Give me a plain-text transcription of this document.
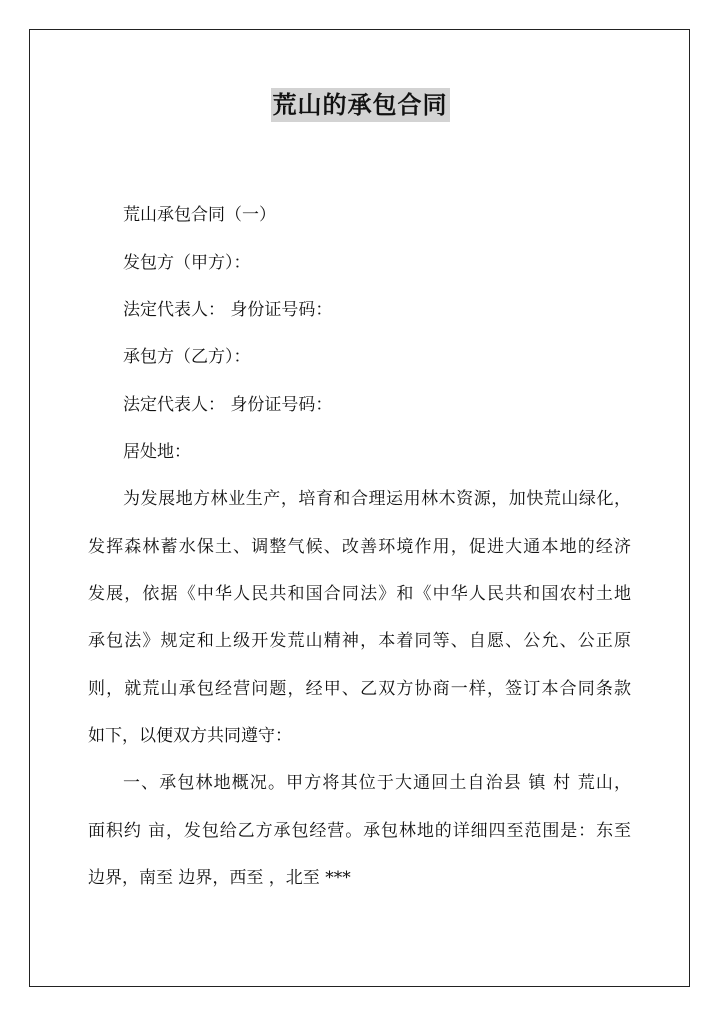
荒山的承包合同
荒山承包合同（一）
发包方（甲方）：
法定代表人： 身份证号码：
承包方（乙方）：
法定代表人： 身份证号码：
居处地：
为发展地方林业生产，培育和合理运用林木资源，加快荒山绿化，
发挥森林蓄水保土、调整气候、改善环境作用，促进大通本地的经济
发展，依据《中华人民共和国合同法》和《中华人民共和国农村土地
承包法》规定和上级开发荒山精神，本着同等、自愿、公允、公正原
则，就荒山承包经营问题，经甲、乙双方协商一样，签订本合同条款
如下，以便双方共同遵守：
一、承包林地概况。甲方将其位于大通回土自治县 镇 村 荒山，
面积约 亩，发包给乙方承包经营。承包林地的详细四至范围是：东至
边界，南至 边界，西至 ，北至 ***
